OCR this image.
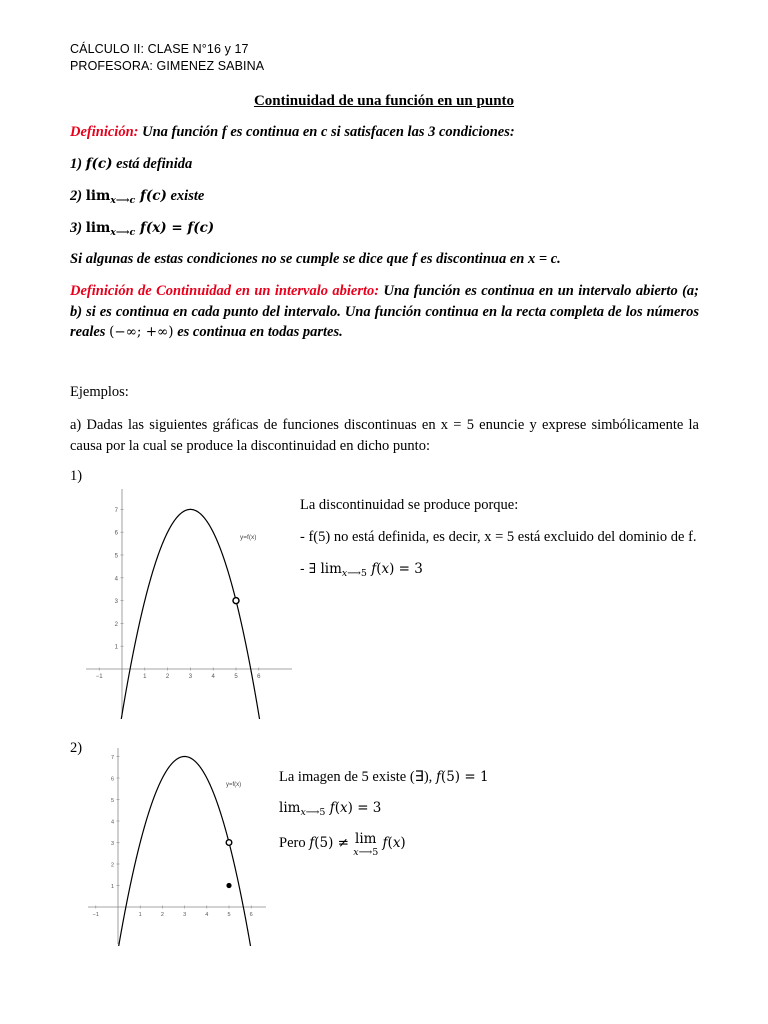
CÁLCULO II: CLASE N°16 y 17
PROFESORA: GIMENEZ SABINA
Continuidad de una función en un punto
Definición: Una función f es continua en c si satisfacen las 3 condiciones:
1) 𝒇(𝒄) está definida
2) $\lim_{𝒙⟶𝒄}$ 𝒇(𝒄) existe
3) $\lim_{𝒙⟶𝒄}$ 𝒇(𝒙) = 𝒇(𝒄)
Si algunas de estas condiciones no se cumple se dice que f es discontinua en x = c.
Definición de Continuidad en un intervalo abierto: Una función es continua en un intervalo abierto (a; b) si es continua en cada punto del intervalo. Una función continua en la recta completa de los números reales (−∞; +∞) es continua en todas partes.
Ejemplos:
a) Dadas las siguientes gráficas de funciones discontinuas en x = 5 enuncie y exprese simbólicamente la causa por la cual se produce la discontinuidad en dicho punto:
1)
−1	1	2	3	4	5	6
1
2
3
4
5
6
7
y=f(x)
La discontinuidad se produce porque:
- f(5) no está definida, es decir, x = 5 está excluido del dominio de f.
- ∃ $\lim_{𝑥⟶5}$ 𝑓(𝑥) = 3
2)
−1	1	2	3	4	5	6
1
2
3
4
5
6
7
y=f(x)	La imagen de 5 existe (∃), 𝑓(5) = 1
$\lim_{𝑥⟶5}$ 𝑓(𝑥) = 3
Pero 𝑓(5) ≠ lim
𝑥⟶5
𝑓(𝑥)
